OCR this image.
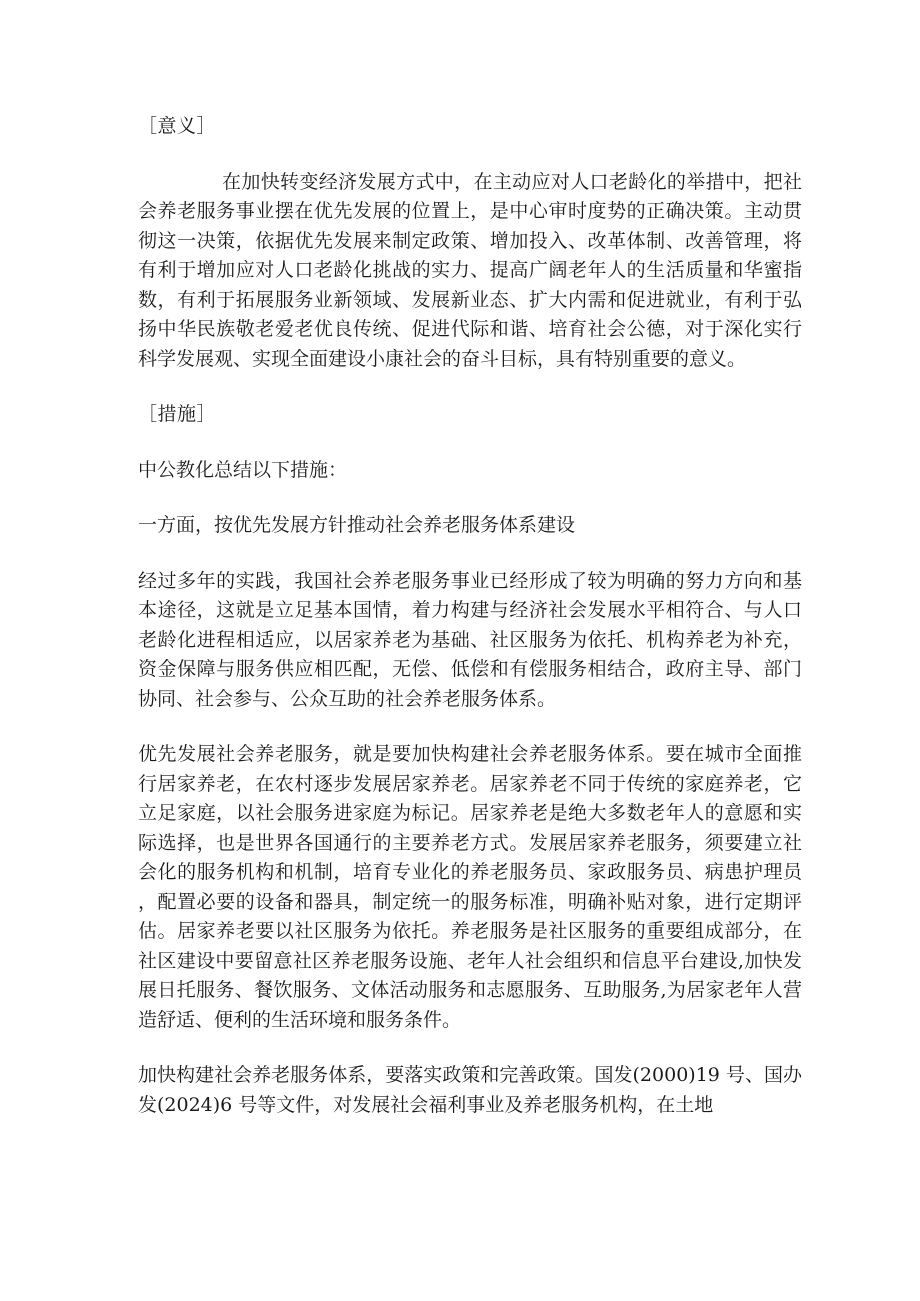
［意义］

在加快转变经济发展方式中，在主动应对人口老龄化的举措中，把社会养老服务事业摆在优先发展的位置上，是中心审时度势的正确决策。主动贯彻这一决策，依据优先发展来制定政策、增加投入、改革体制、改善管理，将有利于增加应对人口老龄化挑战的实力、提高广阔老年人的生活质量和华蜜指数，有利于拓展服务业新领域、发展新业态、扩大内需和促进就业，有利于弘扬中华民族敬老爱老优良传统、促进代际和谐、培育社会公德，对于深化实行科学发展观、实现全面建设小康社会的奋斗目标，具有特别重要的意义。

［措施］
中公教化总结以下措施：
一方面，按优先发展方针推动社会养老服务体系建设

经过多年的实践，我国社会养老服务事业已经形成了较为明确的努力方向和基本途径，这就是立足基本国情，着力构建与经济社会发展水平相符合、与人口老龄化进程相适应，以居家养老为基础、社区服务为依托、机构养老为补充，资金保障与服务供应相匹配，无偿、低偿和有偿服务相结合，政府主导、部门协同、社会参与、公众互助的社会养老服务体系。

优先发展社会养老服务，就是要加快构建社会养老服务体系。要在城市全面推行居家养老，在农村逐步发展居家养老。居家养老不同于传统的家庭养老，它立足家庭，以社会服务进家庭为标记。居家养老是绝大多数老年人的意愿和实际选择，也是世界各国通行的主要养老方式。发展居家养老服务，须要建立社会化的服务机构和机制，培育专业化的养老服务员、家政服务员、病患护理员，配置必要的设备和器具，制定统一的服务标准，明确补贴对象，进行定期评估。居家养老要以社区服务为依托。养老服务是社区服务的重要组成部分，在社区建设中要留意社区养老服务设施、老年人社会组织和信息平台建设,加快发展日托服务、餐饮服务、文体活动服务和志愿服务、互助服务,为居家老年人营造舒适、便利的生活环境和服务条件。

加快构建社会养老服务体系，要落实政策和完善政策。国发(2000)19 号、国办发(2024)6 号等文件，对发展社会福利事业及养老服务机构，在土地
